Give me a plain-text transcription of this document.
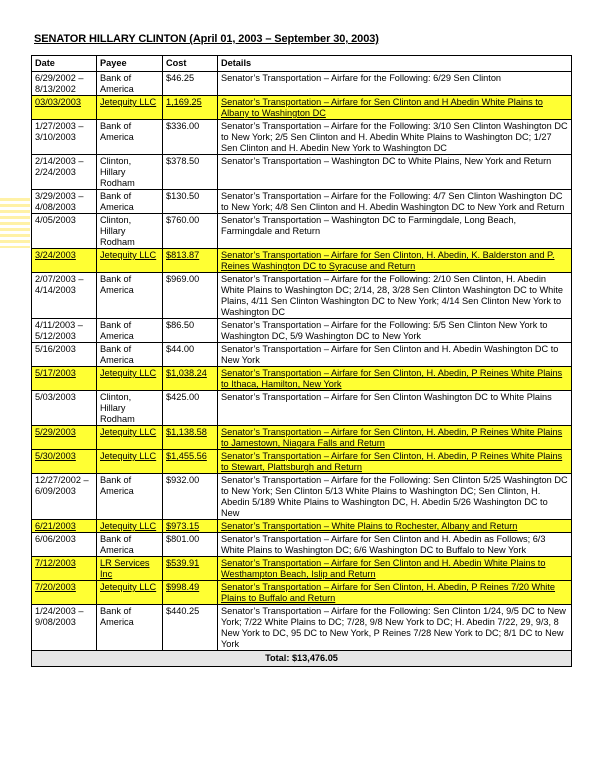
SENATOR HILLARY CLINTON (April 01, 2003 – September 30, 2003)
Date	Payee	Cost	Details
6/29/2002 – 8/13/2002	Bank of America	$46.25	Senator’s Transportation – Airfare for the Following: 6/29 Sen Clinton
03/03/2003	Jetequity LLC	1,169.25	Senator’s Transportation – Airfare for Sen Clinton and H Abedin White Plains to Albany to Washington DC
1/27/2003 – 3/10/2003	Bank of America	$336.00	Senator’s Transportation – Airfare for the Following: 3/10 Sen Clinton Washington DC to New York; 2/5 Sen Clinton and H. Abedin White Plains to Washington DC; 1/27 Sen Clinton and H. Abedin New York to Washington DC
2/14/2003 – 2/24/2003	Clinton, Hillary Rodham	$378.50	Senator’s Transportation – Washington DC to White Plains, New York and Return
3/29/2003 – 4/08/2003	Bank of America	$130.50	Senator’s Transportation – Airfare for the Following: 4/7 Sen Clinton Washington DC to New York; 4/8 Sen Clinton and H. Abedin Washington DC to New York and Return
4/05/2003	Clinton, Hillary Rodham	$760.00	Senator’s Transportation – Washington DC to Farmingdale, Long Beach, Farmingdale and Return
3/24/2003	Jetequity LLC	$813.87	Senator’s Transportation – Airfare for Sen Clinton, H. Abedin, K. Balderston and P. Reines Washington DC to Syracuse and Return
2/07/2003 – 4/14/2003	Bank of America	$969.00	Senator’s Transportation – Airfare for the Following: 2/10 Sen Clinton, H. Abedin White Plains to Washington DC; 2/14, 28, 3/28 Sen Clinton Washington DC to White Plains, 4/11 Sen Clinton Washington DC to New York; 4/14 Sen Clinton New York to Washington DC
4/11/2003 – 5/12/2003	Bank of America	$86.50	Senator’s Transportation – Airfare for the Following: 5/5 Sen Clinton New York to Washington DC, 5/9 Washington DC to New York
5/16/2003	Bank of America	$44.00	Senator’s Transportation – Airfare for Sen Clinton and H. Abedin Washington DC to New York
5/17/2003	Jetequity LLC	$1,038.24	Senator’s Transportation – Airfare for Sen Clinton, H. Abedin, P Reines White Plains to Ithaca, Hamilton, New York
5/03/2003	Clinton, Hillary Rodham	$425.00	Senator’s Transportation – Airfare for Sen Clinton Washington DC to White Plains
5/29/2003	Jetequity LLC	$1,138.58	Senator’s Transportation – Airfare for Sen Clinton, H. Abedin, P Reines White Plains to Jamestown, Niagara Falls and Return
5/30/2003	Jetequity LLC	$1,455.56	Senator’s Transportation – Airfare for Sen Clinton, H. Abedin, P Reines White Plains to Stewart, Plattsburgh and Return
12/27/2002 – 6/09/2003	Bank of America	$932.00	Senator’s Transportation – Airfare for the Following: Sen Clinton 5/25 Washington DC to New York; Sen Clinton 5/13 White Plains to Washington DC; Sen Clinton, H. Abedin 5/189 White Plains to Washington DC, H. Abedin 5/26 Washington DC to New
6/21/2003	Jetequity LLC	$973.15	Senator’s Transportation – White Plains to Rochester, Albany and Return
6/06/2003	Bank of America	$801.00	Senator’s Transportation – Airfare for Sen Clinton and H. Abedin as Follows; 6/3 White Plains to Washington DC; 6/6 Washington DC to Buffalo to New York
7/12/2003	LR Services Inc	$539.91	Senator’s Transportation – Airfare for Sen Clinton and H. Abedin White Plains to Westhampton Beach, Islip and Return
7/20/2003	Jetequity LLC	$998.49	Senator’s Transportation – Airfare for Sen Clinton, H. Abedin, P Reines 7/20 White Plains to Buffalo and Return
1/24/2003 – 9/08/2003	Bank of America	$440.25	Senator’s Transportation – Airfare for the Following: Sen Clinton 1/24, 9/5 DC to New York; 7/22 White Plains to DC; 7/28, 9/8 New York to DC; H. Abedin 7/22, 29, 9/3, 8 New York to DC, 95 DC to New York, P Reines 7/28 New York to DC; 8/1 DC to New York
Total: $13,476.05			
